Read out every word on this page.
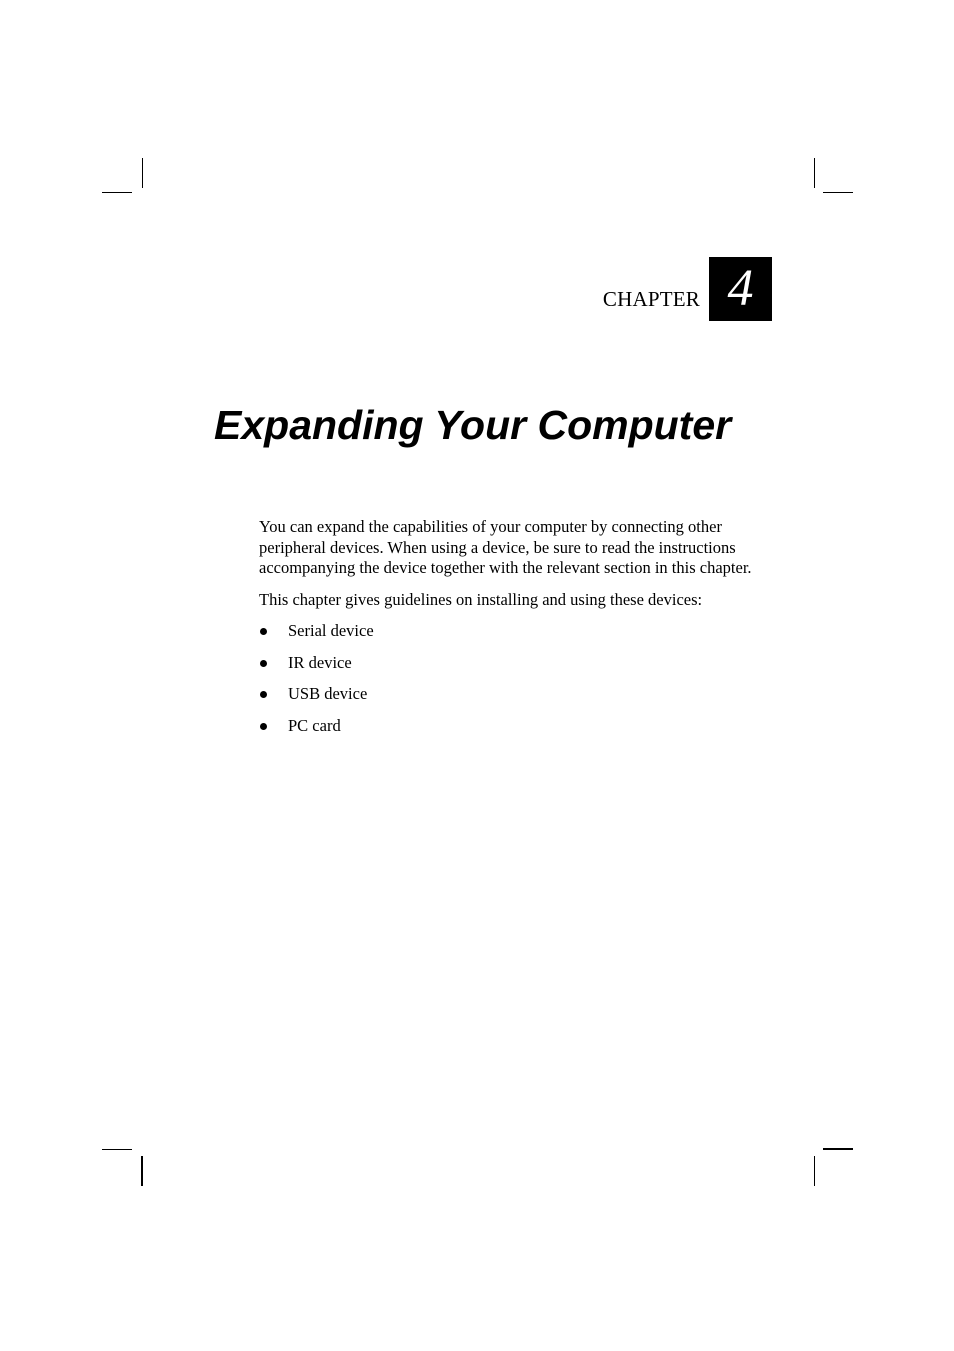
CHAPTER 4
Expanding Your Computer

You can expand the capabilities of your computer by connecting other peripheral devices. When using a device, be sure to read the instructions accompanying the device together with the relevant section in this chapter.

This chapter gives guidelines on installing and using these devices:

Serial device
IR device
USB device
PC card
